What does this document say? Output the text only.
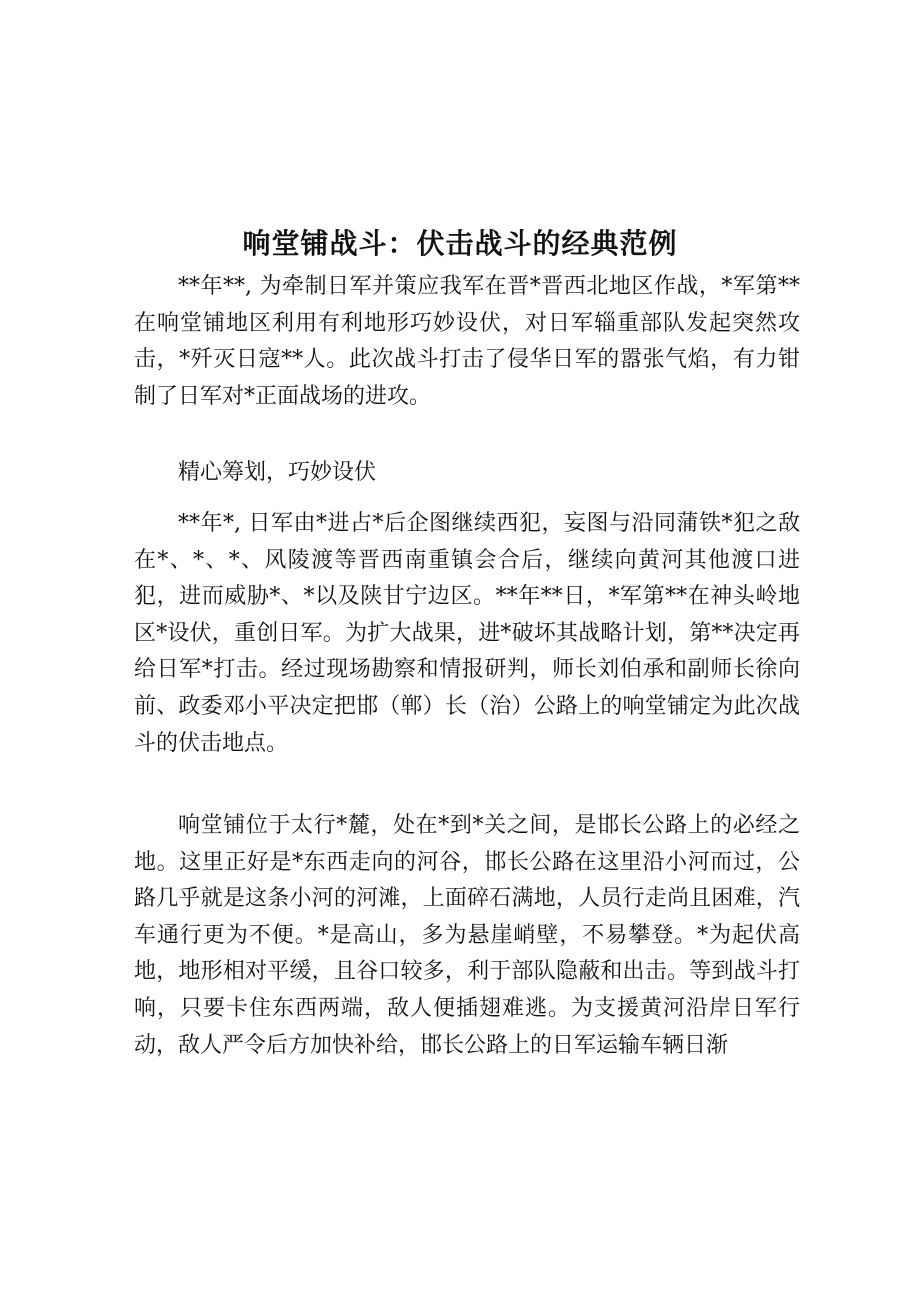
响堂铺战斗：伏击战斗的经典范例

**年**, 为牵制日军并策应我军在晋*晋西北地区作战，*军第**在响堂铺地区利用有利地形巧妙设伏，对日军辎重部队发起突然攻击，*歼灭日寇**人。此次战斗打击了侵华日军的嚣张气焰，有力钳制了日军对*正面战场的进攻。

精心筹划，巧妙设伏

**年*, 日军由*进占*后企图继续西犯，妄图与沿同蒲铁*犯之敌在*、*、*、风陵渡等晋西南重镇会合后，继续向黄河其他渡口进犯，进而威胁*、*以及陕甘宁边区。**年**日，*军第**在神头岭地区*设伏，重创日军。为扩大战果，进*破坏其战略计划，第**决定再给日军*打击。经过现场勘察和情报研判，师长刘伯承和副师长徐向前、政委邓小平决定把邯（郸）长（治）公路上的响堂铺定为此次战斗的伏击地点。

响堂铺位于太行*麓，处在*到*关之间，是邯长公路上的必经之地。这里正好是*东西走向的河谷，邯长公路在这里沿小河而过，公路几乎就是这条小河的河滩，上面碎石满地，人员行走尚且困难，汽车通行更为不便。*是高山，多为悬崖峭壁，不易攀登。*为起伏高地，地形相对平缓，且谷口较多，利于部队隐蔽和出击。等到战斗打响，只要卡住东西两端，敌人便插翅难逃。为支援黄河沿岸日军行动，敌人严令后方加快补给，邯长公路上的日军运输车辆日渐
